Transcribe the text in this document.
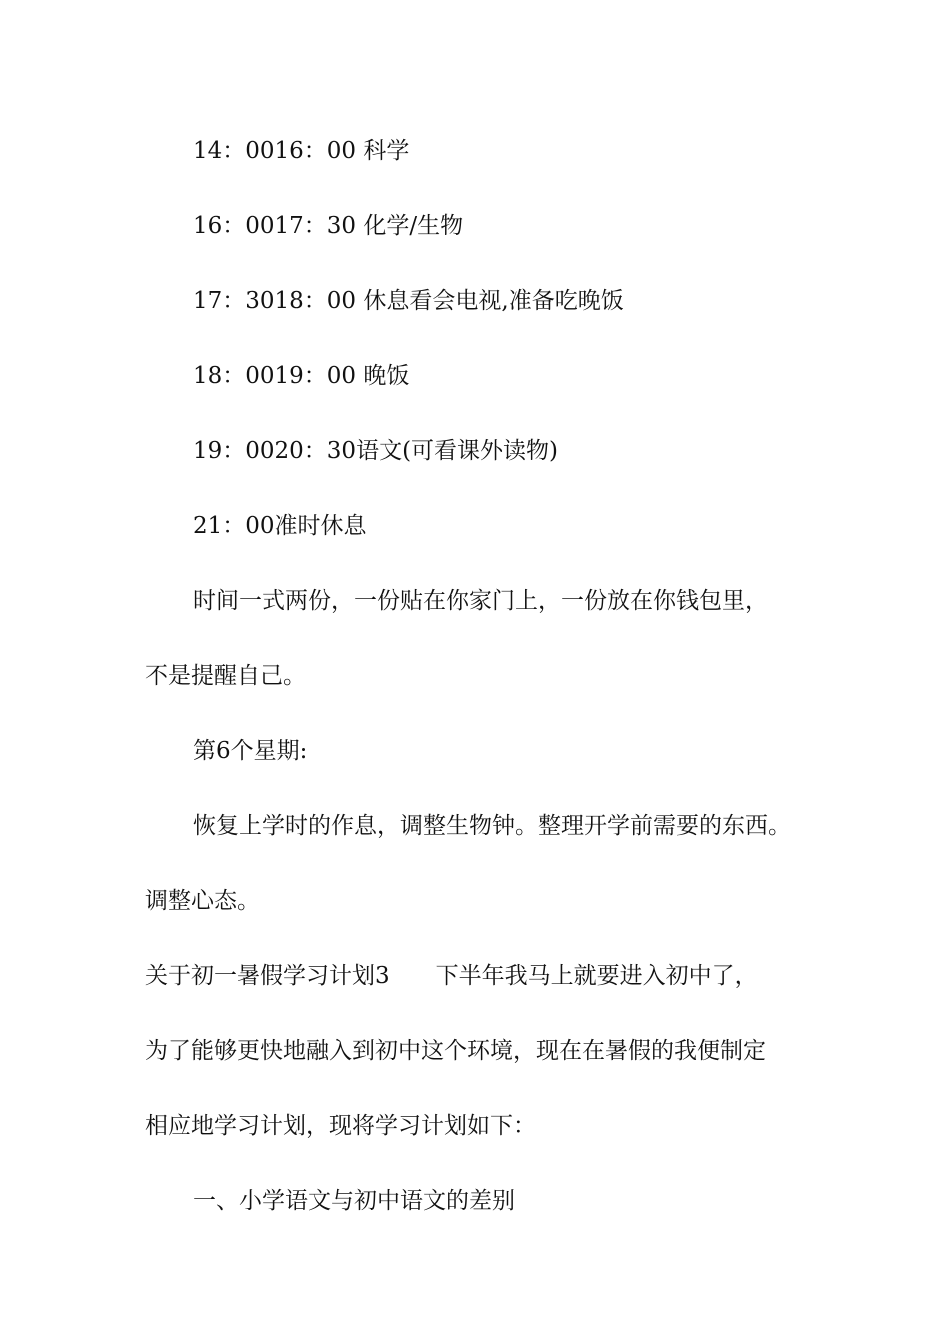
14：0016：00 科学
16：0017：30 化学/生物
17：3018：00 休息看会电视,准备吃晚饭
18：0019：00 晚饭
19：0020：30语文(可看课外读物)
21：00准时休息
时间一式两份，一份贴在你家门上，一份放在你钱包里，
不是提醒自己。
第6个星期:
恢复上学时的作息，调整生物钟。整理开学前需要的东西。
调整心态。
关于初一暑假学习计划3　　下半年我马上就要进入初中了，
为了能够更快地融入到初中这个环境，现在在暑假的我便制定
相应地学习计划，现将学习计划如下：
一、小学语文与初中语文的差别
